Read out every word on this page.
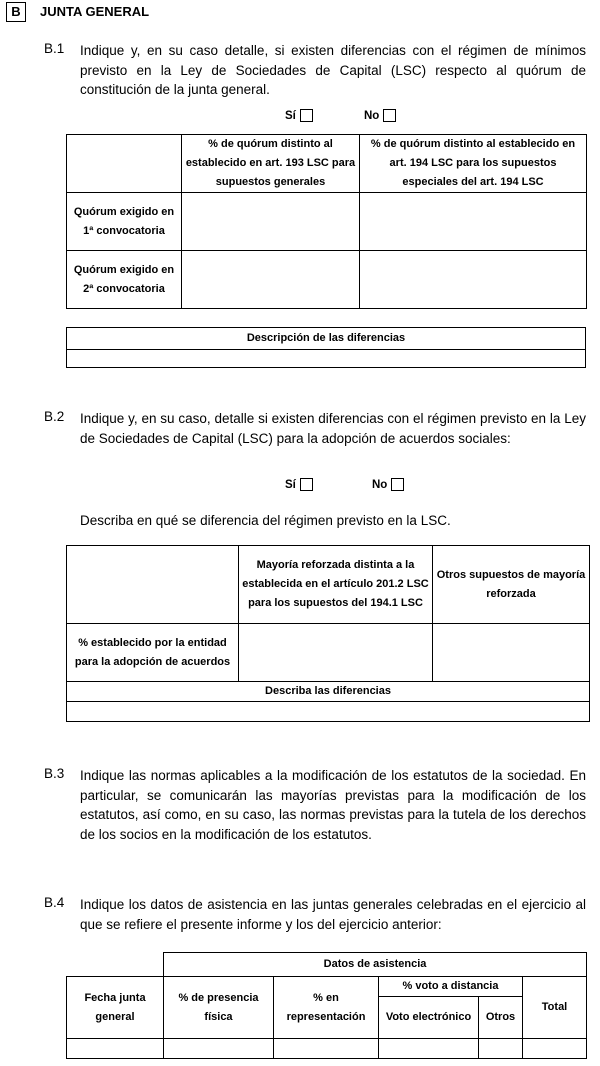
B	JUNTA GENERAL
B.1 Indique y, en su caso detalle, si existen diferencias con el régimen de mínimos previsto en la Ley de Sociedades de Capital (LSC) respecto al quórum de constitución de la junta general.
Sí	No
	% de quórum distinto al establecido en art. 193 LSC para supuestos generales	% de quórum distinto al establecido en art. 194 LSC para los supuestos especiales del art. 194 LSC
Quórum exigido en 1ª convocatoria		
Quórum exigido en 2ª convocatoria		
Descripción de las diferencias

B.2 Indique y, en su caso, detalle si existen diferencias con el régimen previsto en la Ley de Sociedades de Capital (LSC) para la adopción de acuerdos sociales:
Sí	No
Describa en qué se diferencia del régimen previsto en la LSC.
	Mayoría reforzada distinta a la establecida en el artículo 201.2 LSC para los supuestos del 194.1 LSC	Otros supuestos de mayoría reforzada
% establecido por la entidad para la adopción de acuerdos		
Describa las diferencias		

B.3 Indique las normas aplicables a la modificación de los estatutos de la sociedad. En particular, se comunicarán las mayorías previstas para la modificación de los estatutos, así como, en su caso, las normas previstas para la tutela de los derechos de los socios en la modificación de los estatutos.
B.4 Indique los datos de asistencia en las juntas generales celebradas en el ejercicio al que se refiere el presente informe y los del ejercicio anterior:
	Datos de asistencia				
Fecha junta general	% de presencia física	% en representación	% voto a distancia		Total
			Voto electrónico	Otros	
